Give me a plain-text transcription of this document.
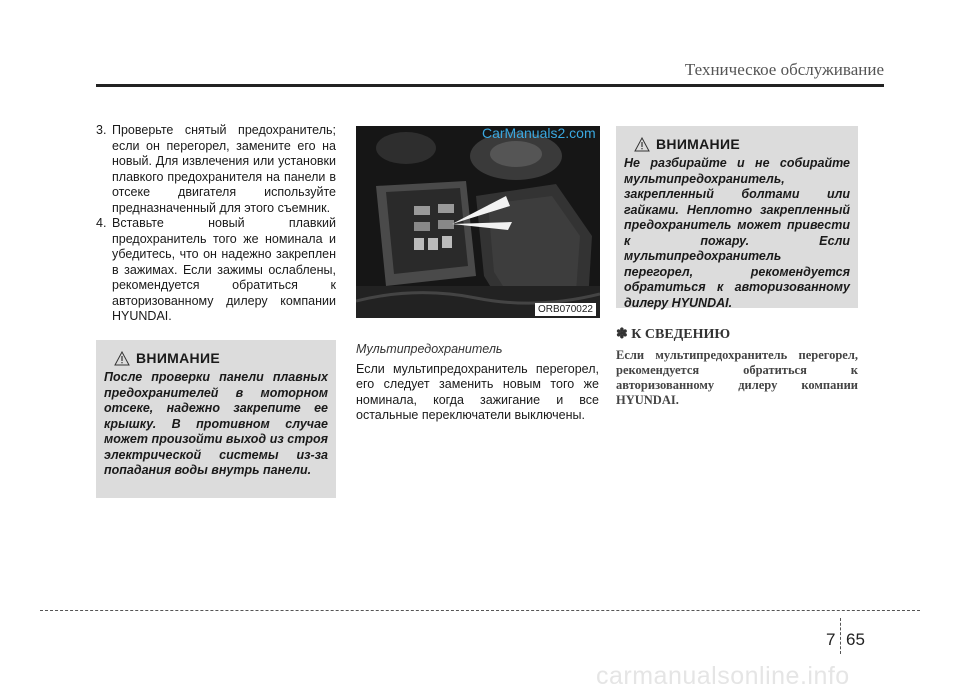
Техническое обслуживание
3. Проверьте снятый предохранитель; если он перегорел, замените его на новый. Для извлечения или установки плавкого предохранителя на панели в отсеке двигателя используйте предназначенный для этого съемник.
4. Вставьте новый плавкий предохранитель того же номинала и убедитесь, что он надежно закреплен в зажимах. Если зажимы ослаблены, рекомендуется обратиться к авторизованному дилеру компании HYUNDAI.
ВНИМАНИЕ
После проверки панели плавных предохранителей в моторном отсеке, надежно закрепите ее крышку. В противном случае может произойти выход из строя электрической системы из-за попадания воды внутрь панели.
CarManuals2.com
ORB070022
Мультипредохранитель
Если мультипредохранитель перегорел, его следует заменить новым того же номинала, когда зажигание и все остальные переключатели выключены.
ВНИМАНИЕ
Не разбирайте и не собирайте мультипредохранитель, закрепленный болтами или гайками. Неплотно закрепленный предохранитель может привести к пожару. Если мультипредохранитель перегорел, рекомендуется обратиться к авторизованному дилеру HYUNDAI.
✽ К СВЕДЕНИЮ
Если мультипредохранитель перегорел, рекомендуется обратиться к авторизованному дилеру компании HYUNDAI.
7 65
carmanualsonline.info
